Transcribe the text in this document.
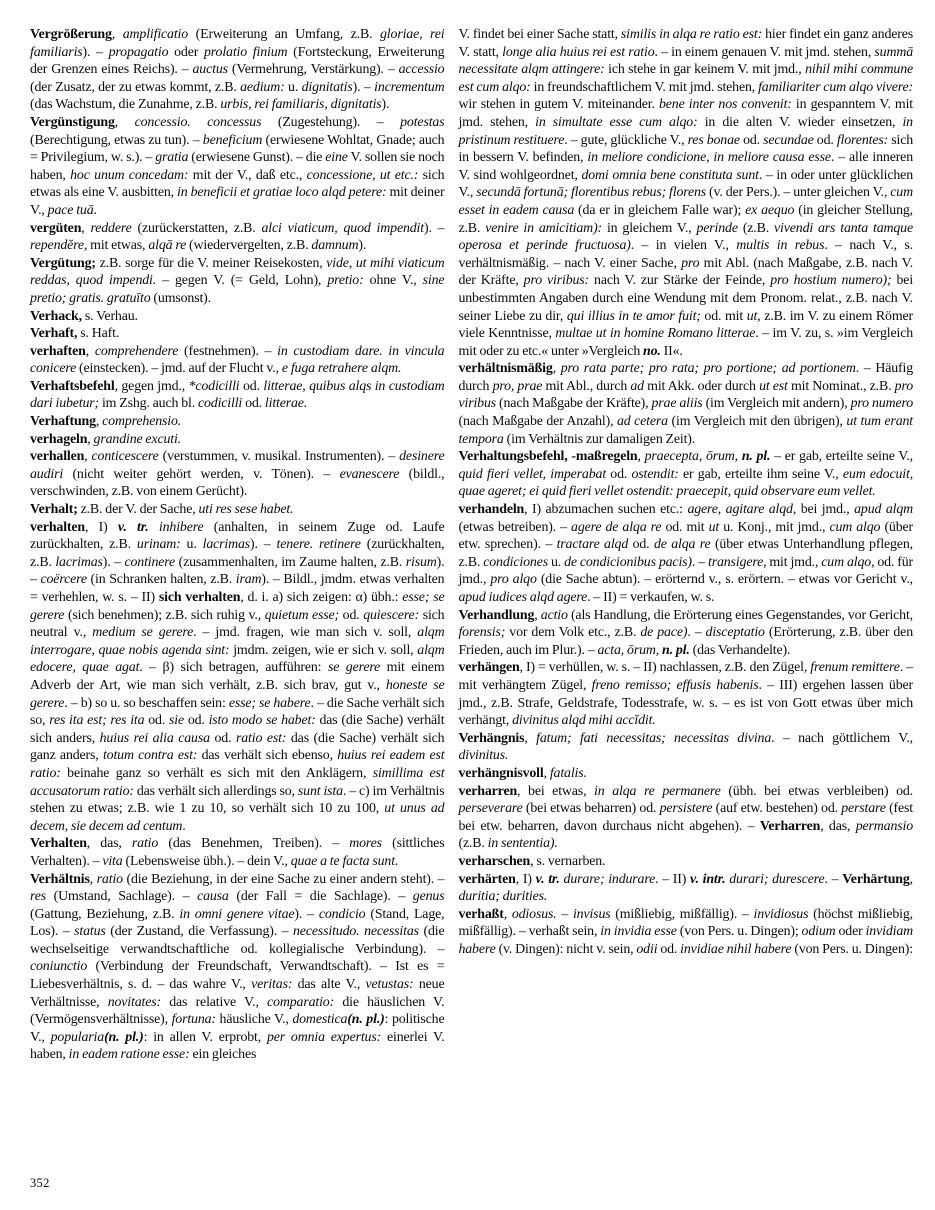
Vergrößerung, amplificatio (Erweiterung an Umfang, z.B. gloriae, rei familiaris). – propagatio oder prolatio finium (Fortsteckung, Erweiterung der Grenzen eines Reichs). – auctus (Vermehrung, Verstärkung). – accessio (der Zusatz, der zu etwas kommt, z.B. aedium: u. dignitatis). – incrementum (das Wachstum, die Zunahme, z.B. urbis, rei familiaris, dignitatis).

Vergünstigung, concessio. concessus (Zugestehung). – potestas (Berechtigung, etwas zu tun). – beneficium (erwiesene Wohltat, Gnade; auch = Privilegium, w. s.). – gratia (erwiesene Gunst). – die eine V. sollen sie noch haben, hoc unum concedam: mit der V., daß etc., concessione, ut etc.: sich etwas als eine V. ausbitten, in beneficii et gratiae loco alqd petere: mit deiner V., pace tuā.

vergüten, reddere (zurückerstatten, z.B. alci viaticum, quod impendit). – rependĕre, mit etwas, alqā re (wiedervergelten, z.B. damnum).

Vergütung; z.B. sorge für die V. meiner Reisekosten, vide, ut mihi viaticum reddas, quod impendi. – gegen V. (= Geld, Lohn), pretio: ohne V., sine pretio; gratis. gratuīto (umsonst).

Verhack, s. Verhau.

Verhaft, s. Haft.

verhaften, comprehendere (festnehmen). – in custodiam dare. in vincula conicere (einstecken). – jmd. auf der Flucht v., e fuga retrahere alqm.

Verhaftsbefehl, gegen jmd., *codicilli od. litterae, quibus alqs in custodiam dari iubetur; im Zshg. auch bl. codicilli od. litterae.

Verhaftung, comprehensio.

verhageln, grandine excuti.

verhallen, conticescere (verstummen, v. musikal. Instrumenten). – desinere audiri (nicht weiter gehört werden, v. Tönen). – evanescere (bildl., verschwinden, z.B. von einem Gerücht).

Verhalt; z.B. der V. der Sache, uti res sese habet.

verhalten, I) v. tr. inhibere (anhalten, in seinem Zuge od. Laufe zurückhalten, z.B. urinam: u. lacrimas). – tenere. retinere (zurückhalten, z.B. lacrimas). – continere (zusammenhalten, im Zaume halten, z.B. risum). – coërcere (in Schranken halten, z.B. iram). – Bildl., jmdm. etwas verhalten = verhehlen, w. s. – II) sich verhalten, d. i. a) sich zeigen: α) übh.: esse; se gerere (sich benehmen); z.B. sich ruhig v., quietum esse; od. quiescere: sich neutral v., medium se gerere. – jmd. fragen, wie man sich v. soll, alqm interrogare, quae nobis agenda sint: jmdm. zeigen, wie er sich v. soll, alqm edocere, quae agat. – β) sich betragen, aufführen: se gerere mit einem Adverb der Art, wie man sich verhält, z.B. sich brav, gut v., honeste se gerere. – b) so u. so beschaffen sein: esse; se habere. – die Sache verhält sich so, res ita est; res ita od. sie od. isto modo se habet: das (die Sache) verhält sich anders, huius rei alia causa od. ratio est: das (die Sache) verhält sich ganz anders, totum contra est: das verhält sich ebenso, huius rei eadem est ratio: beinahe ganz so verhält es sich mit den Anklägern, simillima est accusatorum ratio: das verhält sich allerdings so, sunt ista. – c) im Verhältnis stehen zu etwas; z.B. wie 1 zu 10, so verhält sich 10 zu 100, ut unus ad decem, sie decem ad centum.

Verhalten, das, ratio (das Benehmen, Treiben). – mores (sittliches Verhalten). – vita (Lebensweise übh.). – dein V., quae a te facta sunt.

Verhältnis, ratio (die Beziehung, in der eine Sache zu einer andern steht). – res (Umstand, Sachlage). – causa (der Fall = die Sachlage). – genus (Gattung, Beziehung, z.B. in omni genere vitae). – condicio (Stand, Lage, Los). – status (der Zustand, die Verfassung). – necessitudo. necessitas (die wechselseitige verwandtschaftliche od. kollegialische Verbindung). – coniunctio (Verbindung der Freundschaft, Verwandtschaft). – Ist es = Liebesverhältnis, s. d. – das wahre V., veritas: das alte V., vetustas: neue Verhältnisse, novitates: das relative V., comparatio: die häuslichen V. (Vermögensverhältnisse), fortuna: häusliche V., domestica(n. pl.): politische V., popularia(n. pl.): in allen V. erprobt, per omnia expertus: einerlei V. haben, in eadem ratione esse: ein gleiches

V. findet bei einer Sache statt, similis in alqa re ratio est: hier findet ein ganz anderes V. statt, longe alia huius rei est ratio. – in einem genauen V. mit jmd. stehen, summā necessitate alqm attingere: ich stehe in gar keinem V. mit jmd., nihil mihi commune est cum alqo: in freundschaftlichem V. mit jmd. stehen, familiariter cum alqo vivere: wir stehen in gutem V. miteinander. bene inter nos convenit: in gespanntem V. mit jmd. stehen, in simultate esse cum alqo: in die alten V. wieder einsetzen, in pristinum restituere. – gute, glückliche V., res bonae od. secundae od. florentes: sich in bessern V. befinden, in meliore condicione, in meliore causa esse. – alle inneren V. sind wohlgeordnet, domi omnia bene constituta sunt. – in oder unter glücklichen V., secundā fortunā; florentibus rebus; florens (v. der Pers.). – unter gleichen V., cum esset in eadem causa (da er in gleichem Falle war); ex aequo (in gleicher Stellung, z.B. venire in amicitiam): in gleichem V., perinde (z.B. vivendi ars tanta tamque operosa et perinde fructuosa). – in vielen V., multis in rebus. – nach V., s. verhältnismäßig. – nach V. einer Sache, pro mit Abl. (nach Maßgabe, z.B. nach V. der Kräfte, pro viribus: nach V. zur Stärke der Feinde, pro hostium numero); bei unbestimmten Angaben durch eine Wendung mit dem Pronom. relat., z.B. nach V. seiner Liebe zu dir, qui illius in te amor fuit; od. mit ut, z.B. im V. zu einem Römer viele Kenntnisse, multae ut in homine Romano litterae. – im V. zu, s. »im Vergleich mit oder zu etc.« unter »Vergleich no. II«.

verhältnismäßig, pro rata parte; pro rata; pro portione; ad portionem. – Häufig durch pro, prae mit Abl., durch ad mit Akk. oder durch ut est mit Nominat., z.B. pro viribus (nach Maßgabe der Kräfte), prae aliis (im Vergleich mit andern), pro numero (nach Maßgabe der Anzahl), ad cetera (im Vergleich mit den übrigen), ut tum erant tempora (im Verhältnis zur damaligen Zeit).

Verhaltungsbefehl, -maßregeln, praecepta, ōrum, n. pl. – er gab, erteilte seine V., quid fieri vellet, imperabat od. ostendit: er gab, erteilte ihm seine V., eum edocuit, quae ageret; ei quid fieri vellet ostendit: praecepit, quid observare eum vellet.

verhandeln, I) abzumachen suchen etc.: agere, agitare alqd, bei jmd., apud alqm (etwas betreiben). – agere de alqa re od. mit ut u. Konj., mit jmd., cum alqo (über etw. sprechen). – tractare alqd od. de alqa re (über etwas Unterhandlung pflegen, z.B. condiciones u. de condicionibus pacis). – transigere, mit jmd., cum alqo, od. für jmd., pro alqo (die Sache abtun). – erörternd v., s. erörtern. – etwas vor Gericht v., apud iudices alqd agere. – II) = verkaufen, w. s.

Verhandlung, actio (als Handlung, die Erörterung eines Gegenstandes, vor Gericht, forensis; vor dem Volk etc., z.B. de pace). – disceptatio (Erörterung, z.B. über den Frieden, auch im Plur.). – acta, ōrum, n. pl. (das Verhandelte).

verhängen, I) = verhüllen, w. s. – II) nachlassen, z.B. den Zügel, frenum remittere. – mit verhängtem Zügel, freno remisso; effusis habenis. – III) ergehen lassen über jmd., z.B. Strafe, Geldstrafe, Todesstrafe, w. s. – es ist von Gott etwas über mich verhängt, divinitus alqd mihi accĭdit.

Verhängnis, fatum; fati necessitas; necessitas divina. – nach göttlichem V., divinitus.

verhängnisvoll, fatalis.

verharren, bei etwas, in alqa re permanere (übh. bei etwas verbleiben) od. perseverare (bei etwas beharren) od. persistere (auf etw. bestehen) od. perstare (fest bei etw. beharren, davon durchaus nicht abgehen). – Verharren, das, permansio (z.B. in sententia).

verharschen, s. vernarben.

verhärten, I) v. tr. durare; indurare. – II) v. intr. durari; durescere. – Verhärtung, duritia; durities.

verhaßt, odiosus. – invisus (mißliebig, mißfällig). – invidiosus (höchst mißliebig, mißfällig). – verhaßt sein, in invidia esse (von Pers. u. Dingen); odium oder invidiam habere (v. Dingen): nicht v. sein, odii od. invidiae nihil habere (von Pers. u. Dingen):

352
